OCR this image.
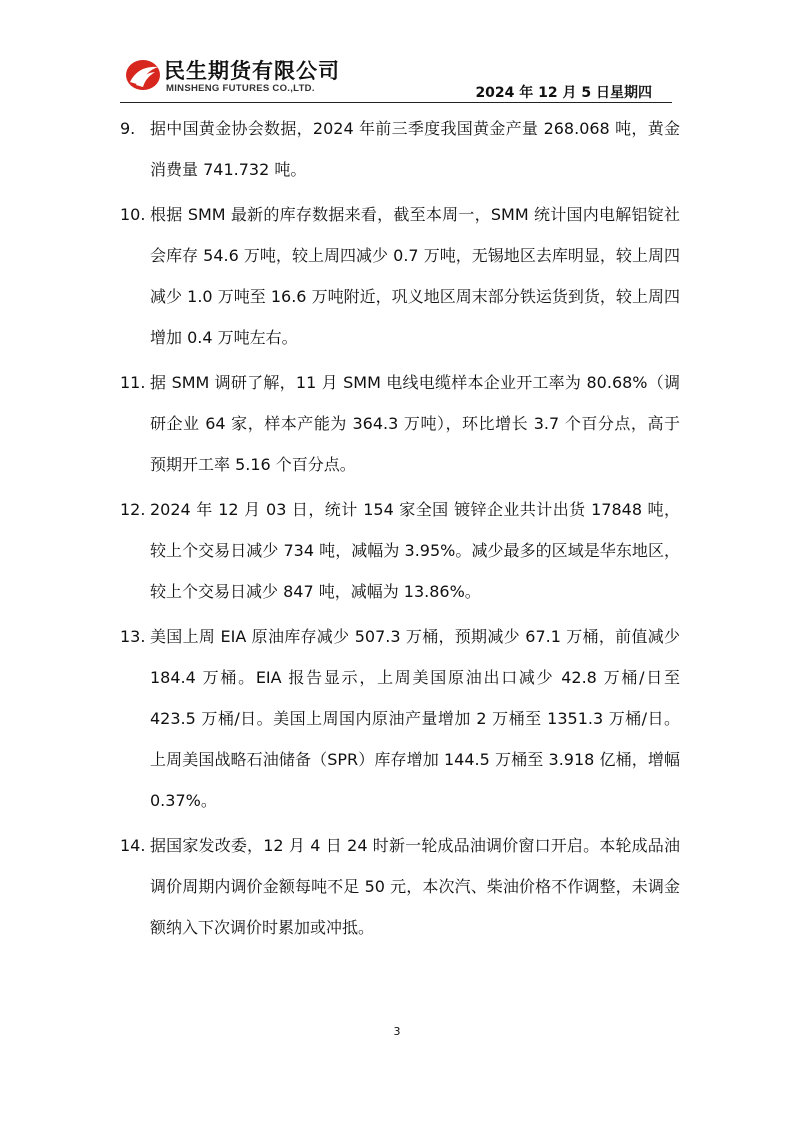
民生期货有限公司
MINSHENG FUTURES CO.,LTD.	2024 年 12 月 5 日星期四
9. 据中国黄金协会数据，2024 年前三季度我国黄金产量 268.068 吨，黄金消费量 741.732 吨。
10. 根据 SMM 最新的库存数据来看，截至本周一，SMM 统计国内电解铝锭社会库存 54.6 万吨，较上周四减少 0.7 万吨，无锡地区去库明显，较上周四减少 1.0 万吨至 16.6 万吨附近，巩义地区周末部分铁运货到货，较上周四增加 0.4 万吨左右。
11. 据 SMM 调研了解，11 月 SMM 电线电缆样本企业开工率为 80.68%（调研企业 64 家，样本产能为 364.3 万吨），环比增长 3.7 个百分点，高于预期开工率 5.16 个百分点。
12. 2024 年 12 月 03 日，统计 154 家全国 镀锌企业共计出货 17848 吨，较上个交易日减少 734 吨，减幅为 3.95%。减少最多的区域是华东地区，较上个交易日减少 847 吨，减幅为 13.86%。
13. 美国上周 EIA 原油库存减少 507.3 万桶，预期减少 67.1 万桶，前值减少 184.4 万桶。EIA 报告显示，上周美国原油出口减少 42.8 万桶/日至 423.5 万桶/日。美国上周国内原油产量增加 2 万桶至 1351.3 万桶/日。上周美国战略石油储备（SPR）库存增加 144.5 万桶至 3.918 亿桶，增幅 0.37%。
14. 据国家发改委，12 月 4 日 24 时新一轮成品油调价窗口开启。本轮成品油调价周期内调价金额每吨不足 50 元，本次汽、柴油价格不作调整，未调金额纳入下次调价时累加或冲抵。
3
